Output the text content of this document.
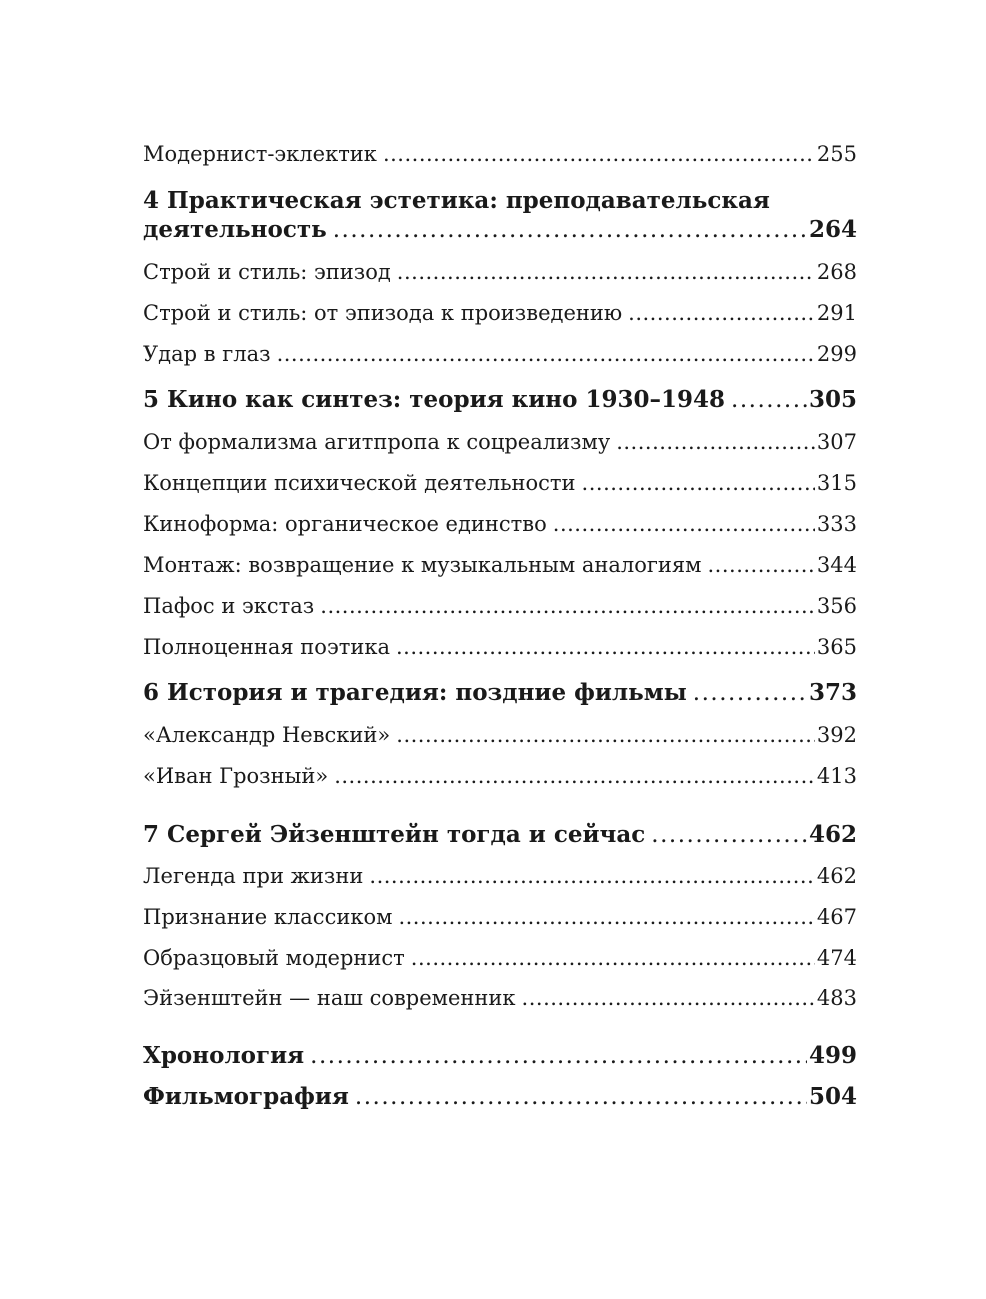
Модернист-эклектик .....	255
4 Практическая эстетика: преподавательская
деятельность .....	264
Строй и стиль: эпизод .....	268
Строй и стиль: от эпизода к произведению .....	291
Удар в глаз .....	299
5 Кино как синтез: теория кино 1930–1948 .....	305
От формализма агитпропа к соцреализму .....	307
Концепции психической деятельности .....	315
Киноформа: органическое единство .....	333
Монтаж: возвращение к музыкальным аналогиям .....	344
Пафос и экстаз .....	356
Полноценная поэтика .....	365
6 История и трагедия: поздние фильмы .....	373
«Александр Невский» .....	392
«Иван Грозный» .....	413
7 Сергей Эйзенштейн тогда и сейчас .....	462
Легенда при жизни .....	462
Признание классиком .....	467
Образцовый модернист .....	474
Эйзенштейн — наш современник .....	483
Хронология .....	499
Фильмография .....	504
